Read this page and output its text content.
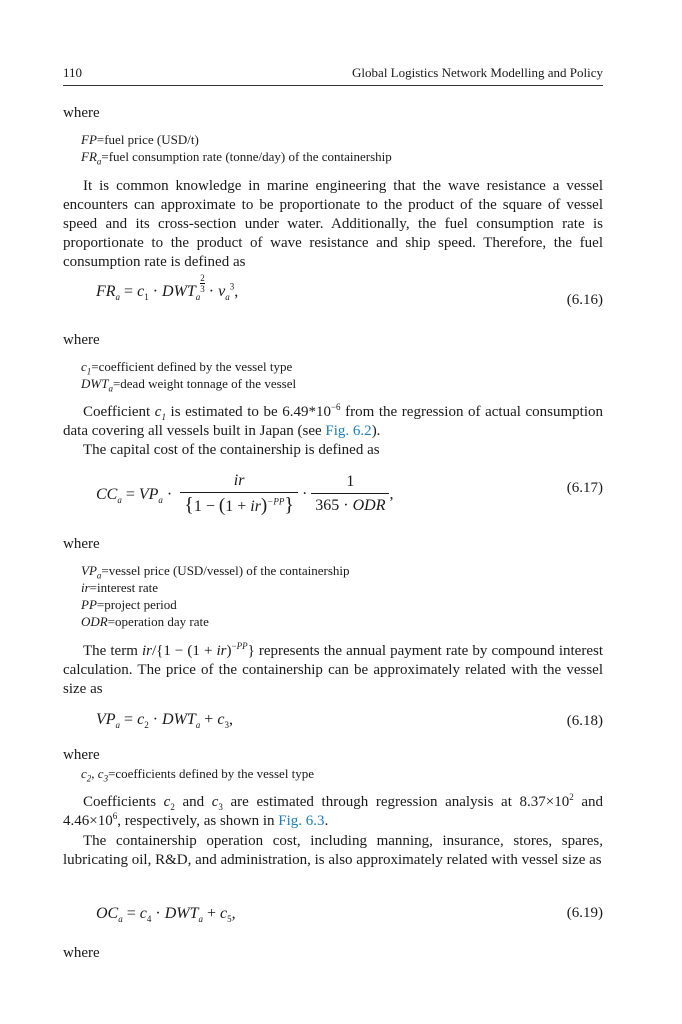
110	Global Logistics Network Modelling and Policy
where
FP=fuel price (USD/t)
$FR_a=fuel$ consumption rate (tonne/day) of the containership
It is common knowledge in marine engineering that the wave resistance a vessel encounters can approximate to be proportionate to the product of the square of vessel speed and its cross-section under water. Additionally, the fuel consumption rate is proportionate to the product of wave resistance and ship speed. Therefore, the fuel consumption rate is defined as
$FR_a = c_1 \cdot DWT_a$
$\frac{2}{3} \cdot v_a^3$,	(6.16)
where
$c_1=coefficient$ defined by the vessel type
$DWT_a=dead$ weight tonnage of the vessel
Coefficient $c_1$ is estimated to be $6.49*10^{-6}$ from the regression of actual consumption data covering all vessels built in Japan (see Fig. 6.2).
The capital cost of the containership is defined as
$CC_a = VP_a \cdot \frac{ir}{\{1 - (1 + ir)^{-PP}\}} \cdot \frac{1}{\text{365 · ODR}}$ ,	(6.17)
where
$VP_a=vessel$ price (USD/vessel) of the containership
ir=interest rate
PP=project period
ODR=operation day rate
The term ir/{1 − (1 + ir)$^{-PP}$} represents the annual payment rate by compound interest calculation. The price of the containership can be approximately related with the vessel size as
$VP_a = c_2 \cdot DWT_a + c_3$,	(6.18)
where
$c_2$, $c_3=coefficients$ defined by the vessel type
Coefficients $c_2$ and $c_3$ are estimated through regression analysis at $8.37\times 10^2$ and $4.46\times 10^6$, respectively, as shown in Fig. 6.3.
The containership operation cost, including manning, insurance, stores, spares, lubricating oil, R&D, and administration, is also approximately related with vessel size as
$OC_a = c_4 \cdot DWT_a + c_5$,	(6.19)
where
